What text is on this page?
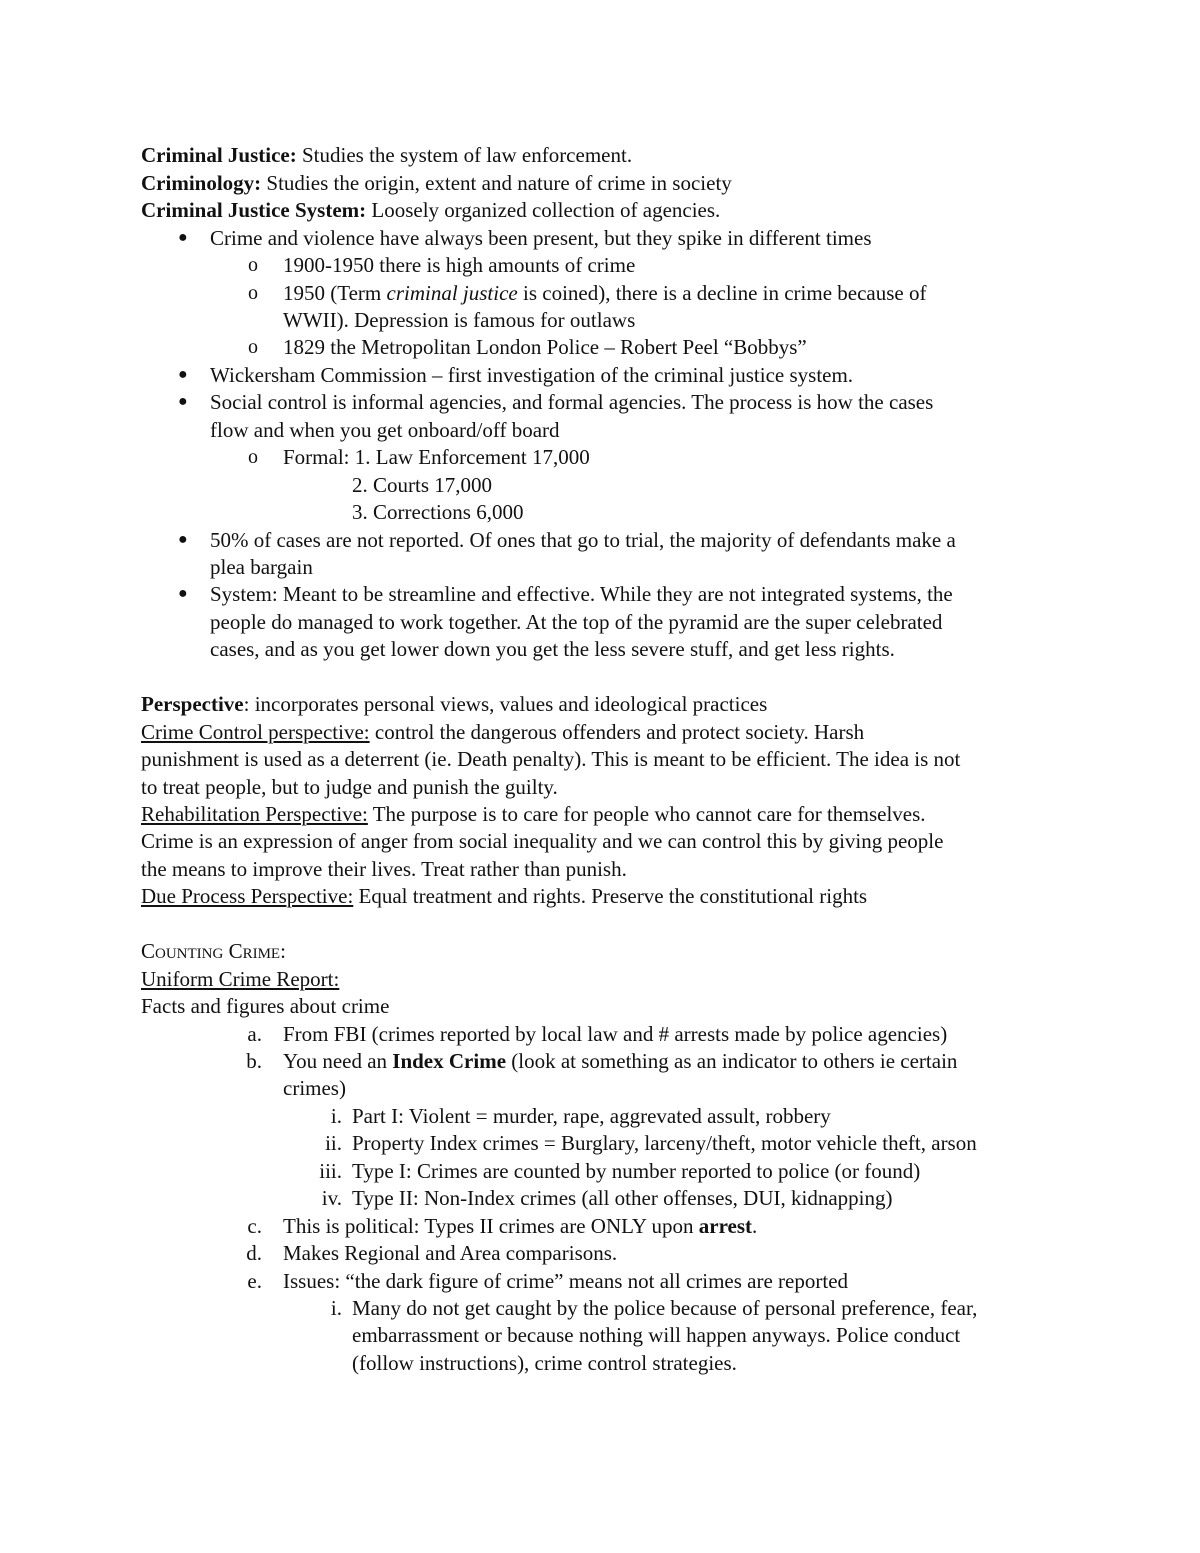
Criminal Justice: Studies the system of law enforcement.
Criminology: Studies the origin, extent and nature of crime in society
Criminal Justice System: Loosely organized collection of agencies.
● Crime and violence have always been present, but they spike in different times
o 1900-1950 there is high amounts of crime
o 1950 (Term criminal justice is coined), there is a decline in crime because of
WWII). Depression is famous for outlaws
o 1829 the Metropolitan London Police – Robert Peel “Bobbys”
● Wickersham Commission – first investigation of the criminal justice system.
● Social control is informal agencies, and formal agencies. The process is how the cases
flow and when you get onboard/off board
o Formal: 1. Law Enforcement 17,000
2. Courts 17,000
3. Corrections 6,000
● 50% of cases are not reported. Of ones that go to trial, the majority of defendants make a
plea bargain
● System: Meant to be streamline and effective. While they are not integrated systems, the
people do managed to work together. At the top of the pyramid are the super celebrated
cases, and as you get lower down you get the less severe stuff, and get less rights.
Perspective: incorporates personal views, values and ideological practices
Crime Control perspective: control the dangerous offenders and protect society. Harsh
punishment is used as a deterrent (ie. Death penalty). This is meant to be efficient. The idea is not
to treat people, but to judge and punish the guilty.
Rehabilitation Perspective: The purpose is to care for people who cannot care for themselves.
Crime is an expression of anger from social inequality and we can control this by giving people
the means to improve their lives. Treat rather than punish.
Due Process Perspective: Equal treatment and rights. Preserve the constitutional rights
Counting Crime:
Uniform Crime Report:
Facts and figures about crime
a. From FBI (crimes reported by local law and # arrests made by police agencies)
b. You need an Index Crime (look at something as an indicator to others ie certain
crimes)
i. Part I: Violent = murder, rape, aggrevated assult, robbery
ii. Property Index crimes = Burglary, larceny/theft, motor vehicle theft, arson
iii. Type I: Crimes are counted by number reported to police (or found)
iv. Type II: Non-Index crimes (all other offenses, DUI, kidnapping)
c. This is political: Types II crimes are ONLY upon arrest.
d. Makes Regional and Area comparisons.
e. Issues: “the dark figure of crime” means not all crimes are reported
i. Many do not get caught by the police because of personal preference, fear,
embarrassment or because nothing will happen anyways. Police conduct
(follow instructions), crime control strategies.
